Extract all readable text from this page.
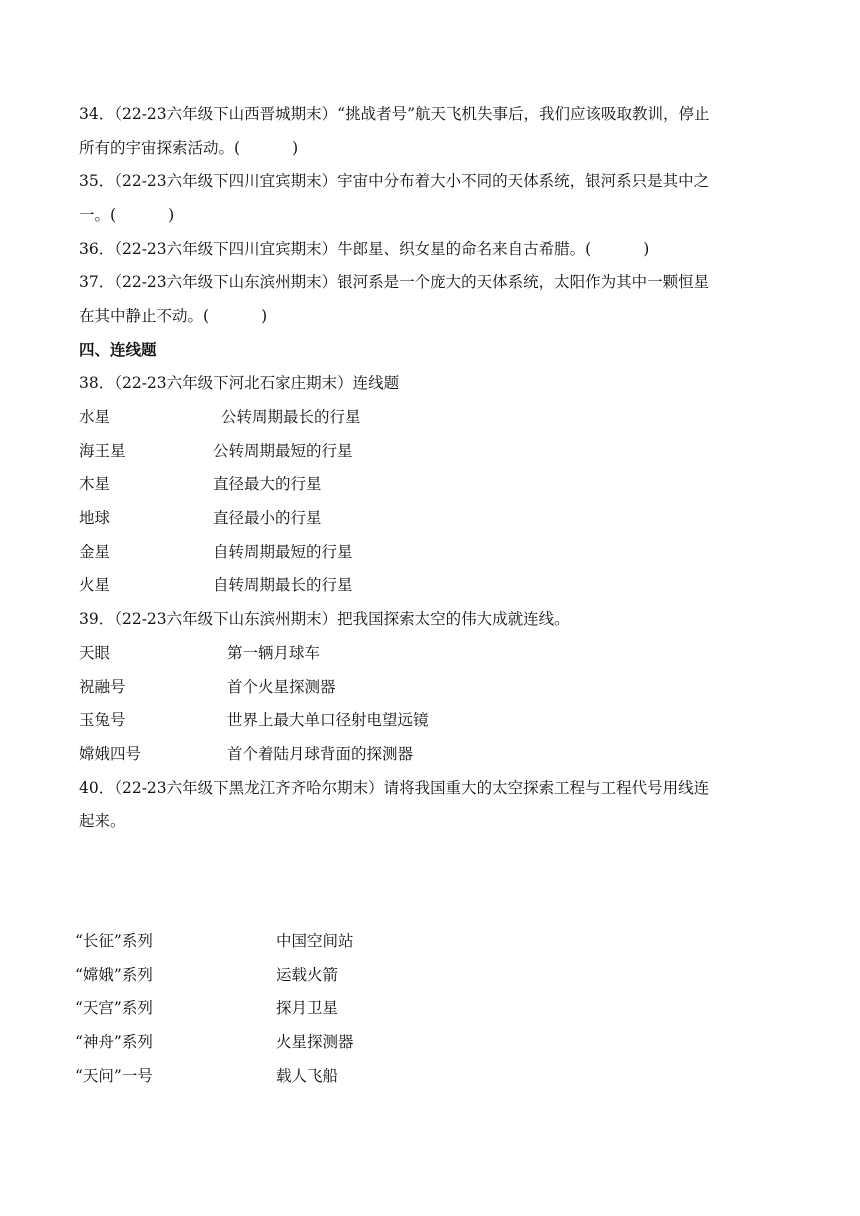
34．（22-23六年级下山西晋城期末）“挑战者号”航天飞机失事后，我们应该吸取教训，停止
所有的宇宙探索活动。(	)
35．（22-23六年级下四川宜宾期末）宇宙中分布着大小不同的天体系统，银河系只是其中之
一。(	)
36．（22-23六年级下四川宜宾期末）牛郎星、织女星的命名来自古希腊。(	)
37．（22-23六年级下山东滨州期末）银河系是一个庞大的天体系统，太阳作为其中一颗恒星
在其中静止不动。(	)
四、连线题
38．（22-23六年级下河北石家庄期末）连线题
水星	公转周期最长的行星
海王星	公转周期最短的行星
木星	直径最大的行星
地球	直径最小的行星
金星	自转周期最短的行星
火星	自转周期最长的行星
39．（22-23六年级下山东滨州期末）把我国探索太空的伟大成就连线。
天眼	第一辆月球车
祝融号	首个火星探测器
玉兔号	世界上最大单口径射电望远镜
嫦娥四号	首个着陆月球背面的探测器
40．（22-23六年级下黑龙江齐齐哈尔期末）请将我国重大的太空探索工程与工程代号用线连
起来。
“长征”系列	中国空间站
“嫦娥”系列	运载火箭
“天宫”系列	探月卫星
“神舟”系列	火星探测器
“天问”一号	载人飞船
